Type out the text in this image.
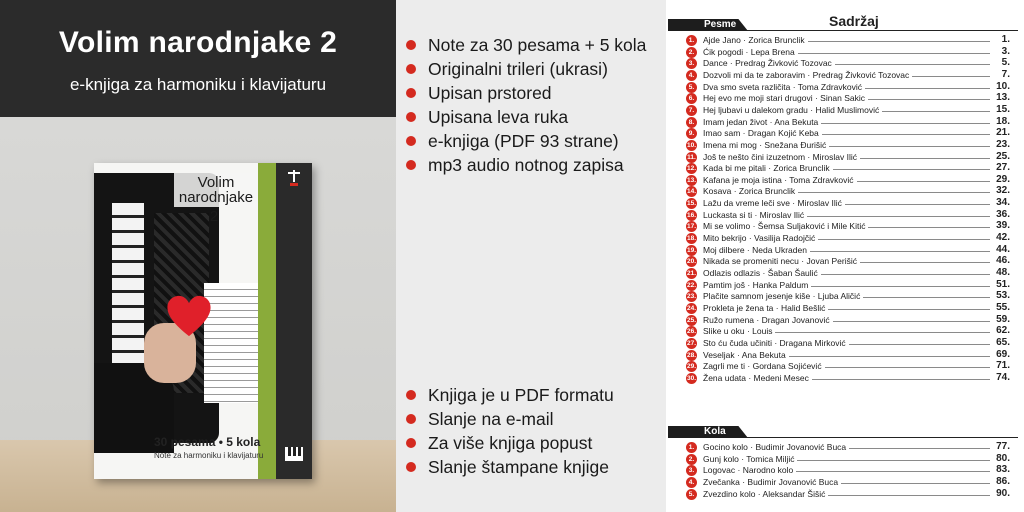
Volim narodnjake 2
e-knjiga za harmoniku i klavijaturu
Volim narodnjake
2
30 pesama • 5 kola
Note za harmoniku i klavijaturu
Note za 30 pesama + 5 kola
Originalni trileri (ukrasi)
Upisan prstored
Upisana leva ruka
e-knjiga (PDF 93 strane)
mp3 audio notnog zapisa
Knjiga je u PDF formatu
Slanje na e-mail
Za više knjiga popust
Slanje štampane knjige
Sadržaj
Pesme
1.	Ajde Jano · Zorica Brunclik	1.
2.	Ćik pogodi · Lepa Brena	3.
3.	Dance · Predrag Živković Tozovac	5.
4.	Dozvoli mi da te zaboravim · Predrag Živković Tozovac	7.
5.	Dva smo sveta različita · Toma Zdravković	10.
6.	Hej evo me moji stari drugovi · Sinan Sakic	13.
7.	Hej ljubavi u dalekom gradu · Halid Muslimović	15.
8.	Imam jedan život · Ana Bekuta	18.
9.	Imao sam · Dragan Kojić Keba	21.
10. Imena mi mog · Snežana Đurišić	23.
11. Još te nešto čini izuzetnom · Miroslav Ilić	25.
12. Kada bi me pitali · Zorica Brunclik	27.
13. Kafana je moja istina · Toma Zdravković	29.
14. Kosava · Zorica Brunclik	32.
15. Lažu da vreme leči sve · Miroslav Ilić	34.
16. Luckasta si ti · Miroslav Ilić	36.
17. Mi se volimo · Šemsa Suljaković i Mile Kitić	39.
18. Mito bekrijo · Vasilija Radojčić	42.
19. Moj dilbere · Neda Ukraden	44.
20. Nikada se promeniti necu · Jovan Perišić	46.
21. Odlazis odlazis · Šaban Šaulić	48.
22. Pamtim još · Hanka Paldum	51.
23. Plačite samnom jesenje kiše · Ljuba Aličić	53.
24. Prokleta je žena ta · Halid Bešlić	55.
25. Ružo rumena · Dragan Jovanović	59.
26. Slike u oku · Louis	62.
27. Sto ću čuda učiniti · Dragana Mirković	65.
28. Veseljak · Ana Bekuta	69.
29. Zagrli me ti · Gordana Sojićević	71.
30. Žena udata · Medeni Mesec	74.
Kola
1.	Gocino kolo · Budimir Jovanović Buca	77.
2.	Gunj kolo · Tomica Miljić	80.
3.	Logovac · Narodno kolo	83.
4.	Zvečanka · Budimir Jovanović Buca	86.
5.	Zvezdino kolo · Aleksandar Šišić	90.
